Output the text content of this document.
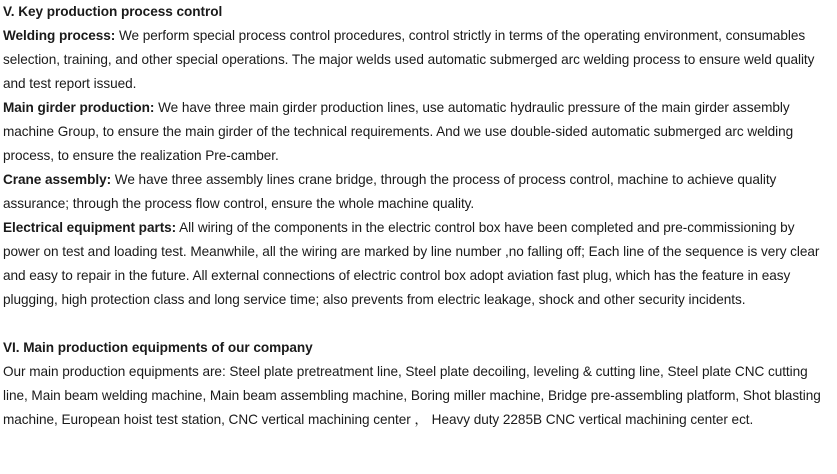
V. Key production process control

Welding process: We perform special process control procedures, control strictly in terms of the operating environment, consumables selection, training, and other special operations. The major welds used automatic submerged arc welding process to ensure weld quality and test report issued.

Main girder production: We have three main girder production lines, use automatic hydraulic pressure of the main girder assembly machine Group, to ensure the main girder of the technical requirements. And we use double-sided automatic submerged arc welding process, to ensure the realization Pre-camber.

Crane assembly: We have three assembly lines crane bridge, through the process of process control, machine to achieve quality assurance; through the process flow control, ensure the whole machine quality.

Electrical equipment parts: All wiring of the components in the electric control box have been completed and pre-commissioning by power on test and loading test. Meanwhile, all the wiring are marked by line number ,no falling off; Each line of the sequence is very clear and easy to repair in the future. All external connections of electric control box adopt aviation fast plug, which has the feature in easy plugging, high protection class and long service time; also prevents from electric leakage, shock and other security incidents.

VI. Main production equipments of our company

Our main production equipments are: Steel plate pretreatment line, Steel plate decoiling, leveling & cutting line, Steel plate CNC cutting line, Main beam welding machine, Main beam assembling machine, Boring miller machine, Bridge pre-assembling platform, Shot blasting machine, European hoist test station, CNC vertical machining center ， Heavy duty 2285B CNC vertical machining center ect.
